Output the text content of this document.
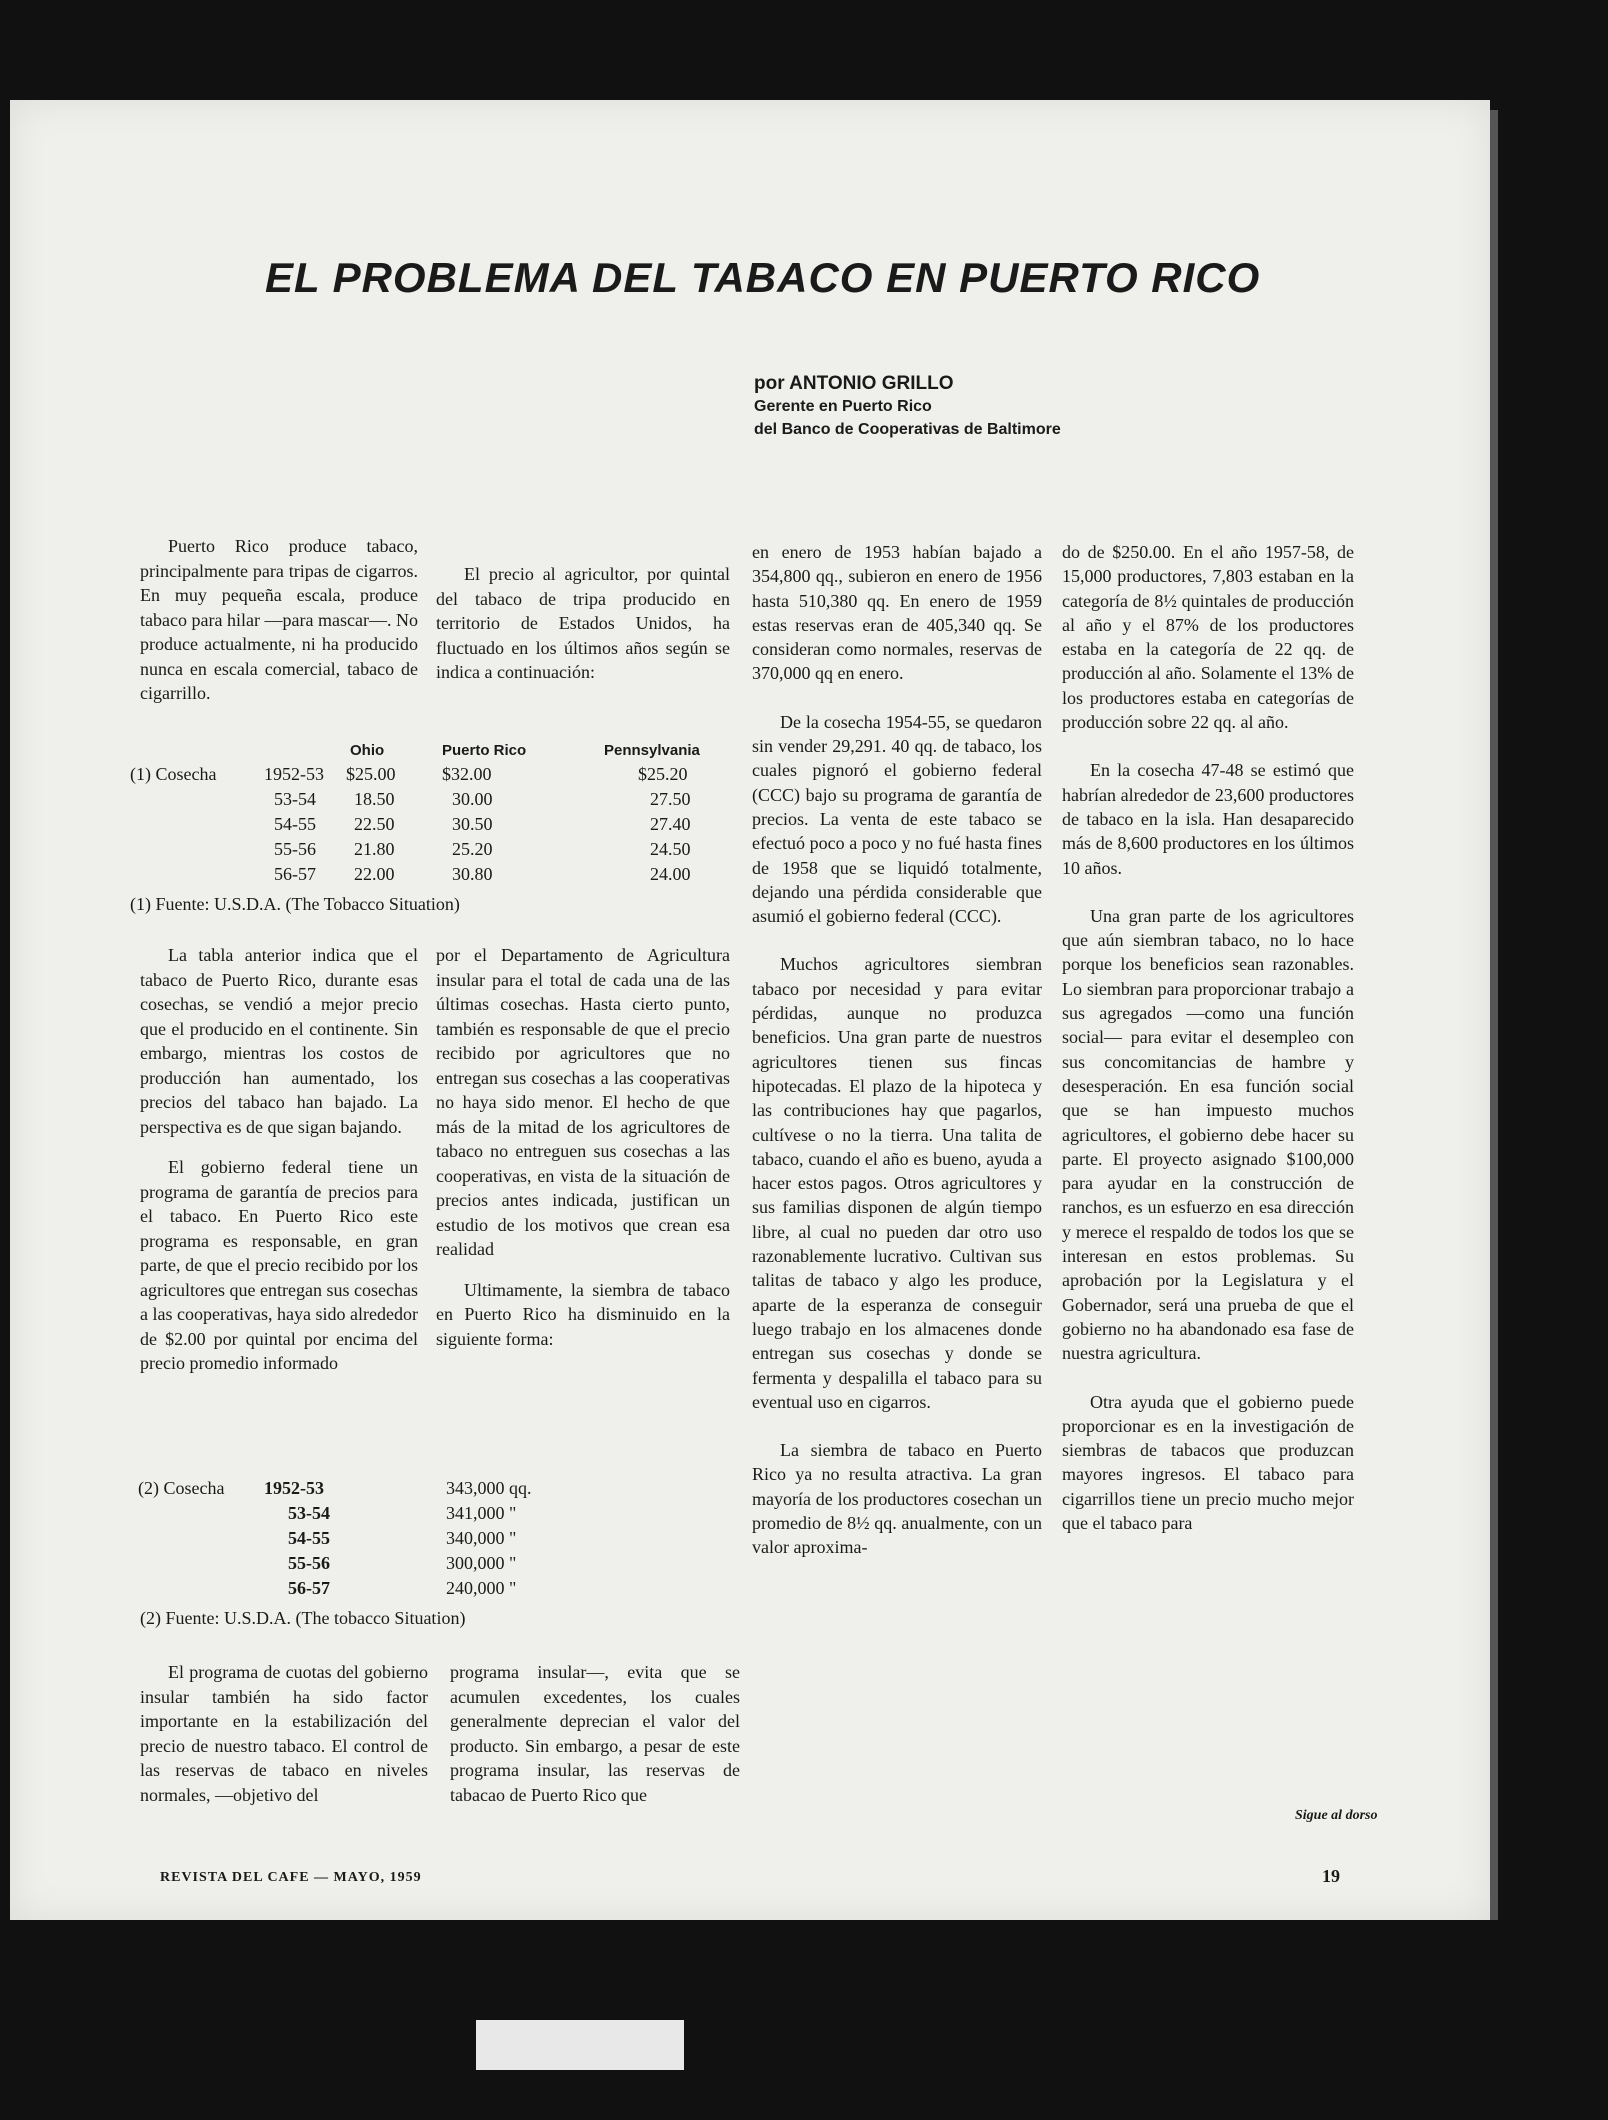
EL PROBLEMA DEL TABACO EN PUERTO RICO
por ANTONIO GRILLO
Gerente en Puerto Rico
del Banco de Cooperativas de Baltimore

Puerto Rico produce tabaco, principalmente para tripas de cigarros. En muy pequeña escala, produce tabaco para hilar —para mascar—. No produce actualmente, ni ha producido nunca en escala comercial, tabaco de cigarrillo.

El precio al agricultor, por quintal del tabaco de tripa producido en territorio de Estados Unidos, ha fluctuado en los últimos años según se indica a continuación:

Ohio	Puerto Rico	Pennsylvania
(1) Cosecha	1952-53 $25.00	$32.00	$25.20
53-54 18.50	30.00	27.50
54-55 22.50	30.50	27.40
55-56 21.80	25.20	24.50
56-57 22.00	30.80	24.00
(1) Fuente: U.S.D.A. (The Tobacco Situation)

La tabla anterior indica que el tabaco de Puerto Rico, durante esas cosechas, se vendió a mejor precio que el producido en el continente. Sin embargo, mientras los costos de producción han aumentado, los precios del tabaco han bajado. La perspectiva es de que sigan bajando.

El gobierno federal tiene un programa de garantía de precios para el tabaco. En Puerto Rico este programa es responsable, en gran parte, de que el precio recibido por los agricultores que entregan sus cosechas a las cooperativas, haya sido alrededor de $2.00 por quintal por encima del precio promedio informado

por el Departamento de Agricultura insular para el total de cada una de las últimas cosechas. Hasta cierto punto, también es responsable de que el precio recibido por agricultores que no entregan sus cosechas a las cooperativas no haya sido menor. El hecho de que más de la mitad de los agricultores de tabaco no entreguen sus cosechas a las cooperativas, en vista de la situación de precios antes indicada, justifican un estudio de los motivos que crean esa realidad

Ultimamente, la siembra de tabaco en Puerto Rico ha disminuido en la siguiente forma:

(2) Cosecha 1952-53	343,000 qq.
53-54	341,000 "
54-55	340,000 "
55-56	300,000 "
56-57	240,000 "
(2) Fuente: U.S.D.A. (The tobacco Situation)

El programa de cuotas del gobierno insular también ha sido factor importante en la estabilización del precio de nuestro tabaco. El control de las reservas de tabaco en niveles normales, —objetivo del

programa insular—, evita que se acumulen excedentes, los cuales generalmente deprecian el valor del producto. Sin embargo, a pesar de este programa insular, las reservas de tabacao de Puerto Rico que

en enero de 1953 habían bajado a 354,800 qq., subieron en enero de 1956 hasta 510,380 qq. En enero de 1959 estas reservas eran de 405,340 qq. Se consideran como normales, reservas de 370,000 qq en enero.

De la cosecha 1954-55, se quedaron sin vender 29,291. 40 qq. de tabaco, los cuales pignoró el gobierno federal (CCC) bajo su programa de garantía de precios. La venta de este tabaco se efectuó poco a poco y no fué hasta fines de 1958 que se liquidó totalmente, dejando una pérdida considerable que asumió el gobierno federal (CCC).

Muchos agricultores siembran tabaco por necesidad y para evitar pérdidas, aunque no produzca beneficios. Una gran parte de nuestros agricultores tienen sus fincas hipotecadas. El plazo de la hipoteca y las contribuciones hay que pagarlos, cultívese o no la tierra. Una talita de tabaco, cuando el año es bueno, ayuda a hacer estos pagos. Otros agricultores y sus familias disponen de algún tiempo libre, al cual no pueden dar otro uso razonablemente lucrativo. Cultivan sus talitas de tabaco y algo les produce, aparte de la esperanza de conseguir luego trabajo en los almacenes donde entregan sus cosechas y donde se fermenta y despalilla el tabaco para su eventual uso en cigarros.

La siembra de tabaco en Puerto Rico ya no resulta atractiva. La gran mayoría de los productores cosechan un promedio de 8½ qq. anualmente, con un valor aproxima-

do de $250.00. En el año 1957-58, de 15,000 productores, 7,803 estaban en la categoría de 8½ quintales de producción al año y el 87% de los productores estaba en la categoría de 22 qq. de producción al año. Solamente el 13% de los productores estaba en categorías de producción sobre 22 qq. al año.

En la cosecha 47-48 se estimó que habrían alrededor de 23,600 productores de tabaco en la isla. Han desaparecido más de 8,600 productores en los últimos 10 años.

Una gran parte de los agricultores que aún siembran tabaco, no lo hace porque los beneficios sean razonables. Lo siembran para proporcionar trabajo a sus agregados —como una función social— para evitar el desempleo con sus concomitancias de hambre y desesperación. En esa función social que se han impuesto muchos agricultores, el gobierno debe hacer su parte. El proyecto asignado $100,000 para ayudar en la construcción de ranchos, es un esfuerzo en esa dirección y merece el respaldo de todos los que se interesan en estos problemas. Su aprobación por la Legislatura y el Gobernador, será una prueba de que el gobierno no ha abandonado esa fase de nuestra agricultura.

Otra ayuda que el gobierno puede proporcionar es en la investigación de siembras de tabacos que produzcan mayores ingresos. El tabaco para cigarrillos tiene un precio mucho mejor que el tabaco para

Sigue al dorso
REVISTA DEL CAFE — MAYO, 1959	19
